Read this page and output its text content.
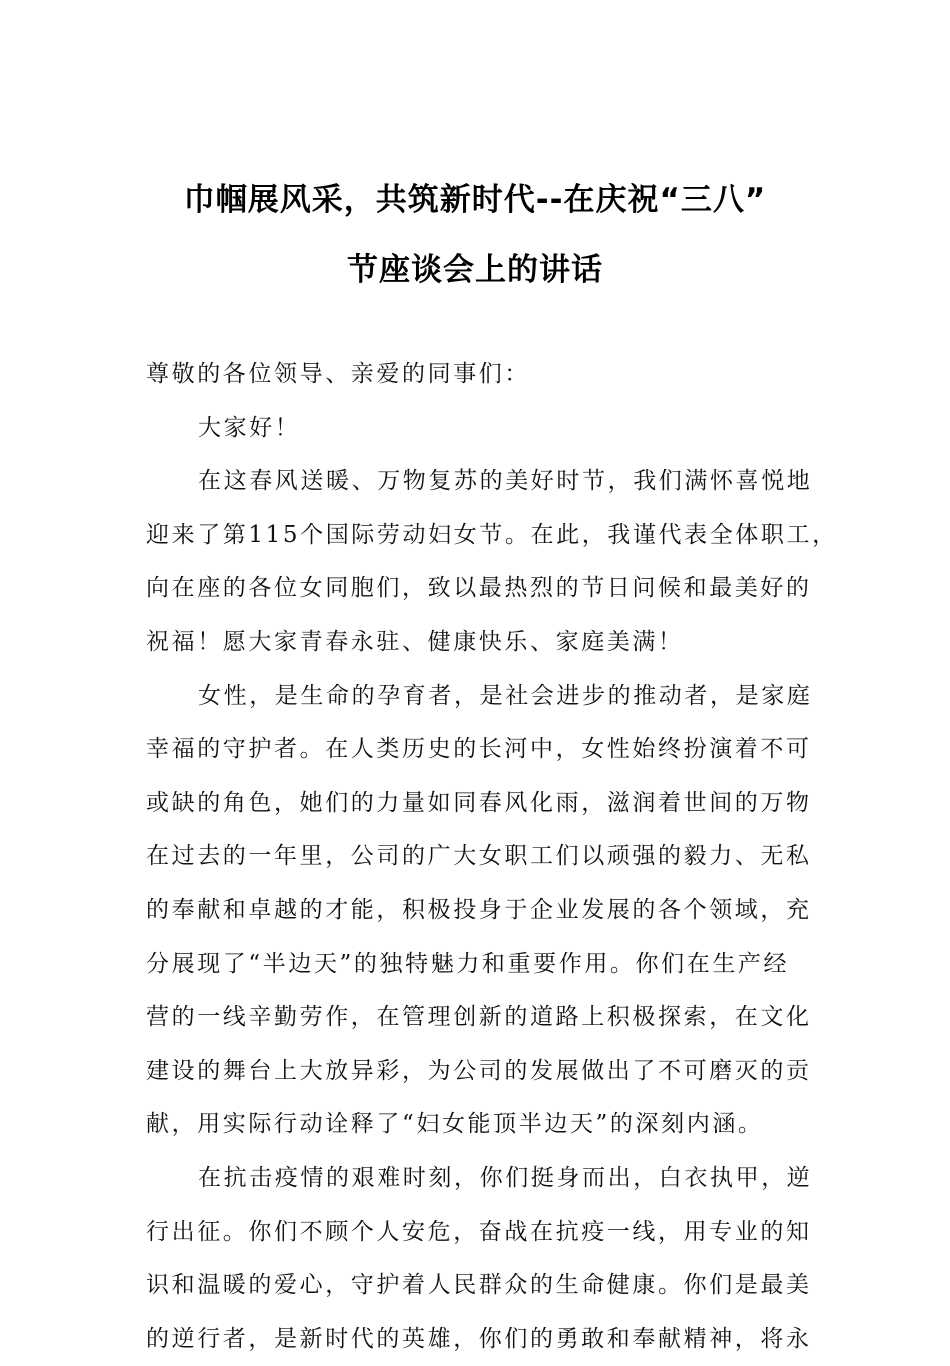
巾帼展风采，共筑新时代--在庆祝“三八”
节座谈会上的讲话
尊敬的各位领导、亲爱的同事们：
大家好！
在这春风送暖、万物复苏的美好时节，我们满怀喜悦地
迎来了第115个国际劳动妇女节。在此，我谨代表全体职工，
向在座的各位女同胞们，致以最热烈的节日问候和最美好的
祝福！愿大家青春永驻、健康快乐、家庭美满！
女性，是生命的孕育者，是社会进步的推动者，是家庭
幸福的守护者。在人类历史的长河中，女性始终扮演着不可
或缺的角色，她们的力量如同春风化雨，滋润着世间的万物
在过去的一年里，公司的广大女职工们以顽强的毅力、无私
的奉献和卓越的才能，积极投身于企业发展的各个领域，充
分展现了“半边天”的独特魅力和重要作用。你们在生产经
营的一线辛勤劳作，在管理创新的道路上积极探索，在文化
建设的舞台上大放异彩，为公司的发展做出了不可磨灭的贡
献，用实际行动诠释了“妇女能顶半边天”的深刻内涵。
在抗击疫情的艰难时刻，你们挺身而出，白衣执甲，逆
行出征。你们不顾个人安危，奋战在抗疫一线，用专业的知
识和温暖的爱心，守护着人民群众的生命健康。你们是最美
的逆行者，是新时代的英雄，你们的勇敢和奉献精神，将永
